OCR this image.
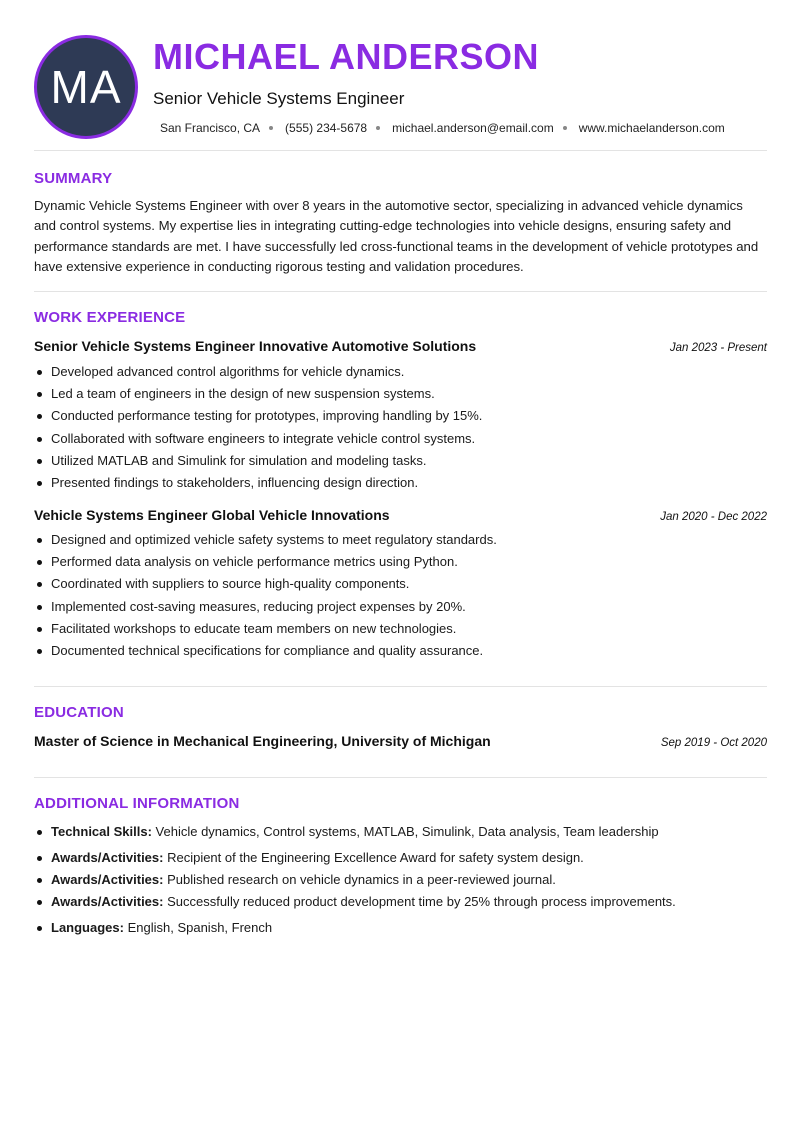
MA
MICHAEL ANDERSON
Senior Vehicle Systems Engineer
San Francisco, CA (555) 234-5678 michael.anderson@email.com www.michaelanderson.com
SUMMARY

Dynamic Vehicle Systems Engineer with over 8 years in the automotive sector, specializing in advanced vehicle dynamics and control systems. My expertise lies in integrating cutting-edge technologies into vehicle designs, ensuring safety and performance standards are met. I have successfully led cross-functional teams in the development of vehicle prototypes and have extensive experience in conducting rigorous testing and validation procedures.

WORK EXPERIENCE
Senior Vehicle Systems Engineer Innovative Automotive Solutions	Jan 2023 - Present
Developed advanced control algorithms for vehicle dynamics.
Led a team of engineers in the design of new suspension systems.
Conducted performance testing for prototypes, improving handling by 15%.
Collaborated with software engineers to integrate vehicle control systems.
Utilized MATLAB and Simulink for simulation and modeling tasks.
Presented findings to stakeholders, influencing design direction.
Vehicle Systems Engineer Global Vehicle Innovations	Jan 2020 - Dec 2022
Designed and optimized vehicle safety systems to meet regulatory standards.
Performed data analysis on vehicle performance metrics using Python.
Coordinated with suppliers to source high-quality components.
Implemented cost-saving measures, reducing project expenses by 20%.
Facilitated workshops to educate team members on new technologies.
Documented technical specifications for compliance and quality assurance.
EDUCATION
Master of Science in Mechanical Engineering, University of Michigan	Sep 2019 - Oct 2020
ADDITIONAL INFORMATION
Technical Skills: Vehicle dynamics, Control systems, MATLAB, Simulink, Data analysis, Team leadership
Awards/Activities: Recipient of the Engineering Excellence Award for safety system design.
Awards/Activities: Published research on vehicle dynamics in a peer-reviewed journal.
Awards/Activities: Successfully reduced product development time by 25% through process improvements.
Languages: English, Spanish, French
